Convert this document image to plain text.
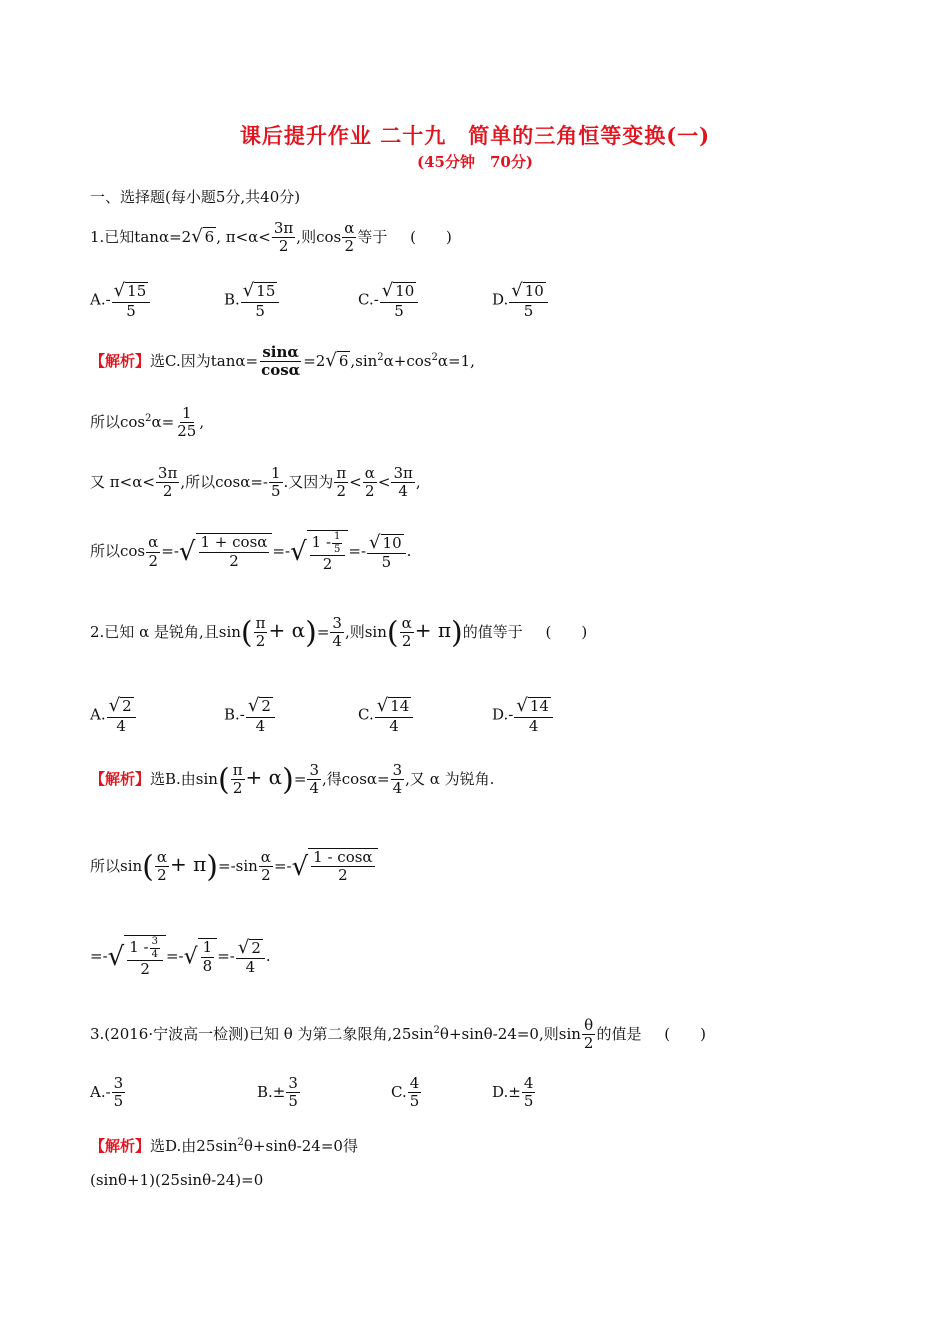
课后提升作业 二十九　简单的三角恒等变换(一)
(45分钟　70分)
一、选择题(每小题5分,共40分)
1.已知tanα=2√ 6 , $\pi<\alpha< \frac{3\pi}{2}$ ,则$\cos \frac{\alpha}{2}$ 等于 (　　)
$A.- \frac{√ 15}{5}$	B. $\frac{√ 15}{5}$	$C.- \frac{√ 10}{5}$	D. $\frac{√ 10}{5}$
【解析】选C.因为$\tan\alpha= \frac{\sin\alpha}{\cos\alpha} =2√$ 6 $,\sin^2\alpha+\cos^2\alpha=1$,
所以$\cos^2\alpha= \frac{1}{25}$ ,
又 $\pi<\alpha< \frac{3\pi}{2}$ ,所以$\cos\alpha=- \frac{1}{5}$ .又因为 $\frac{\pi}{2} < \frac{\alpha}{2} < \frac{3\pi}{4}$ ,
所以$\cos \frac{\alpha}{2}$ =-√ $\frac{1 + \cos\alpha}{2}$ =-√ $\frac{1 - \frac{1}{5}}{2} =- \frac{√ 10}{5}$ .
2.已知 α 是锐角,且$\sin( \frac{\pi}{2} + \alpha)= \frac{3}{4}$ ,则$\sin( \frac{\alpha}{2} + \pi)$的值等于 (　　)
A. $\frac{√ 2}{4}$	$B.- \frac{√ 2}{4}$	C. $\frac{√ 14}{4}$	$D.- \frac{√ 14}{4}$
【解析】选B.由$\sin( \frac{\pi}{2} + \alpha)= \frac{3}{4}$ ,得$\cos\alpha= \frac{3}{4}$ ,又 α 为锐角.
所以$\sin( \frac{\alpha}{2} + \pi)=-\sin \frac{\alpha}{2}$ =-√ $\frac{1 - \cos\alpha}{2}$
=-√ $\frac{1 - \frac{3}{4}}{2}$ =-√ $\frac{1}{8} =- \frac{√ 2}{4}$ .
3.(2016·宁波高一检测)已知 θ 为第二象限角$,25\sin^2\theta+\sin\theta-24=0$,则$\sin \frac{\theta}{2}$ 的值是 (　　)
$A.- \frac{3}{5}$	$B.\pm \frac{3}{5}$	C. $\frac{4}{5}$	$D.\pm \frac{4}{5}$
【解析】选D.由$25\sin^2\theta+\sin\theta-24=0$得
(sinθ+1)(25sinθ-24)=0
